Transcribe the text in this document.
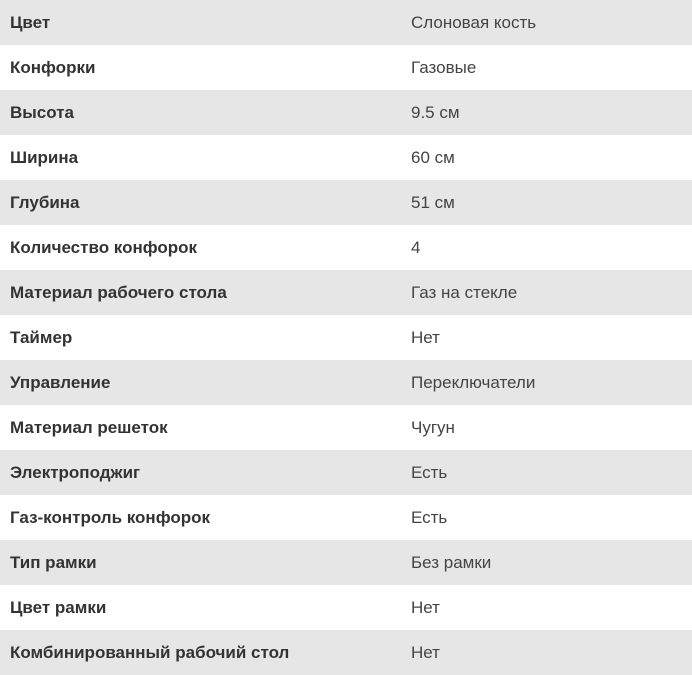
Цвет	Слоновая кость
Конфорки	Газовые
Высота	9.5 см
Ширина	60 см
Глубина	51 см
Количество конфорок	4
Материал рабочего стола	Газ на стекле
Таймер	Нет
Управление	Переключатели
Материал решеток	Чугун
Электроподжиг	Есть
Газ-контроль конфорок	Есть
Тип рамки	Без рамки
Цвет рамки	Нет
Комбинированный рабочий стол	Нет
